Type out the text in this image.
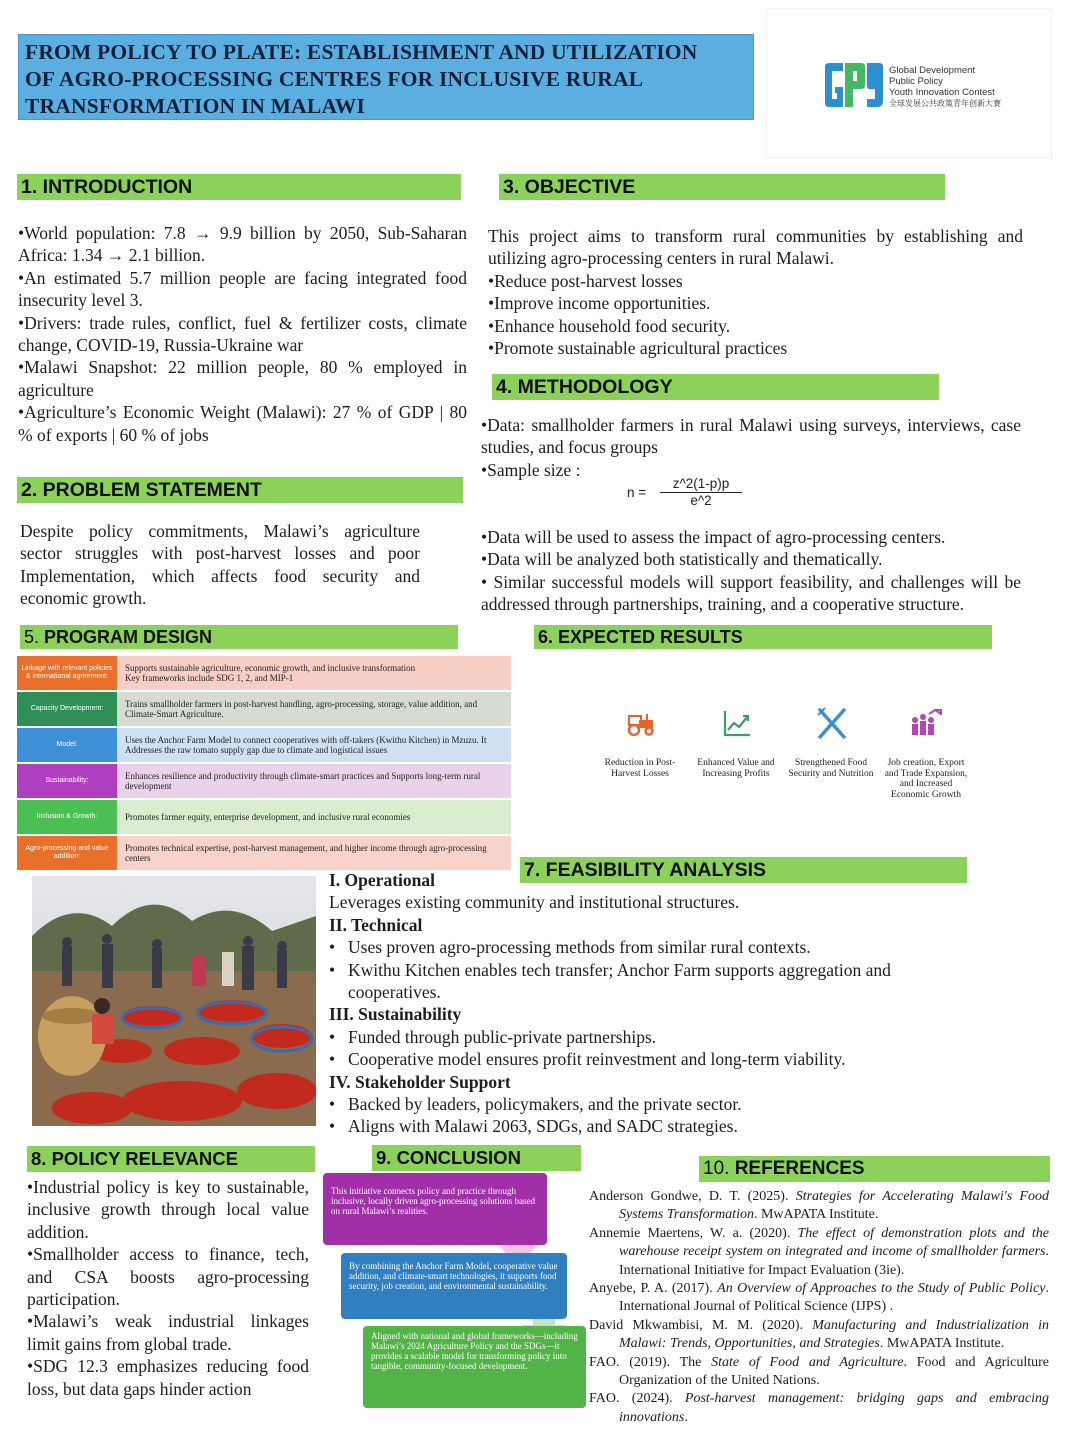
FROM POLICY TO PLATE: ESTABLISHMENT AND UTILIZATION
OF AGRO-PROCESSING CENTRES FOR INCLUSIVE RURAL
TRANSFORMATION IN MALAWI
Global Development
Public Policy
Youth Innovation Contest
全球发展公共政策青年创新大赛
1. INTRODUCTION

•World population: 7.8 → 9.9 billion by 2050, Sub-Saharan Africa: 1.34 → 2.1 billion.

•An estimated 5.7 million people are facing integrated food insecurity level 3.

•Drivers: trade rules, conflict, fuel & fertilizer costs, climate change, COVID-19, Russia-Ukraine war

•Malawi Snapshot: 22 million people, 80 % employed in agriculture

•Agriculture’s Economic Weight (Malawi): 27 % of GDP | 80 % of exports | 60 % of jobs

2. PROBLEM STATEMENT
Despite policy commitments, Malawi’s agriculture sector struggles with post-harvest losses and poor Implementation, which affects food security and economic growth.
3. OBJECTIVE

This project aims to transform rural communities by establishing and utilizing agro-processing centers in rural Malawi.

•Reduce post-harvest losses

•Improve income opportunities.

•Enhance household food security.

•Promote sustainable agricultural practices

4. METHODOLOGY

•Data: smallholder farmers in rural Malawi using surveys, interviews, case studies, and focus groups

•Sample size :

n =
z^2(1-p)p
e^2

•Data will be used to assess the impact of agro-processing centers.

•Data will be analyzed both statistically and thematically.

• Similar successful models will support feasibility, and challenges will be addressed through partnerships, training, and a cooperative structure.

5. PROGRAM DESIGN
Linkage with relevant policies & international agreement:
Supports sustainable agriculture, economic growth, and inclusive transformation
Key frameworks include SDG 1, 2, and MIP-1
Capacity Development:	Trains smallholder farmers in post-harvest handling, agro-processing, storage, value addition, and Climate-Smart Agriculture.
Model:	Uses the Anchor Farm Model to connect cooperatives with off-takers (Kwithu Kitchen) in Mzuzu. It Addresses the raw tomato supply gap due to climate and logistical issues
Sustainability:	Enhances resilience and productivity through climate-smart practices and Supports long-term rural development
Inclusion & Growth:	Promotes farmer equity, enterprise development, and inclusive rural economies
Agro-processing and value addition:
Promotes technical expertise, post-harvest management, and higher income through agro-processing centers
6. EXPECTED RESULTS
Reduction in Post-Harvest Losses
Enhanced Value and Increasing Profits
Strengthened Food Security and Nutrition
Job creation, Export and Trade Expansion, and Increased Economic Growth
7. FEASIBILITY ANALYSIS
I. Operational
Leverages existing community and institutional structures.
II. Technical
• Uses proven agro-processing methods from similar rural contexts.
• Kwithu Kitchen enables tech transfer; Anchor Farm supports aggregation and cooperatives.
III. Sustainability
• Funded through public-private partnerships.
• Cooperative model ensures profit reinvestment and long-term viability.
IV. Stakeholder Support
• Backed by leaders, policymakers, and the private sector.
• Aligns with Malawi 2063, SDGs, and SADC strategies.
8. POLICY RELEVANCE

•Industrial policy is key to sustainable, inclusive growth through local value addition.

•Smallholder access to finance, tech, and CSA boosts agro-processing participation.

•Malawi’s weak industrial linkages limit gains from global trade.

•SDG 12.3 emphasizes reducing food loss, but data gaps hinder action

9. CONCLUSION
This initiative connects policy and practice through inclusive, locally driven agro-processing solutions based on rural Malawi’s realities.
By combining the Anchor Farm Model, cooperative value addition, and climate-smart technologies, it supports food security, job creation, and environmental sustainability.
Aligned with national and global frameworks—including Malawi’s 2024 Agriculture Policy and the SDGs—it provides a scalable model for transforming policy into tangible, community-focused development.
10. REFERENCES
Anderson Gondwe, D. T. (2025). Strategies for Accelerating Malawi's Food Systems Transformation. MwAPATA Institute.
Annemie Maertens, W. a. (2020). The effect of demonstration plots and the warehouse receipt system on integrated and income of smallholder farmers. International Initiative for Impact Evaluation (3ie).
Anyebe, P. A. (2017). An Overview of Approaches to the Study of Public Policy. International Journal of Political Science (IJPS) .
David Mkwambisi, M. M. (2020). Manufacturing and Industrialization in Malawi: Trends, Opportunities, and Strategies. MwAPATA Institute.
FAO. (2019). The State of Food and Agriculture. Food and Agriculture Organization of the United Nations.
FAO. (2024). Post-harvest management: bridging gaps and embracing innovations.
